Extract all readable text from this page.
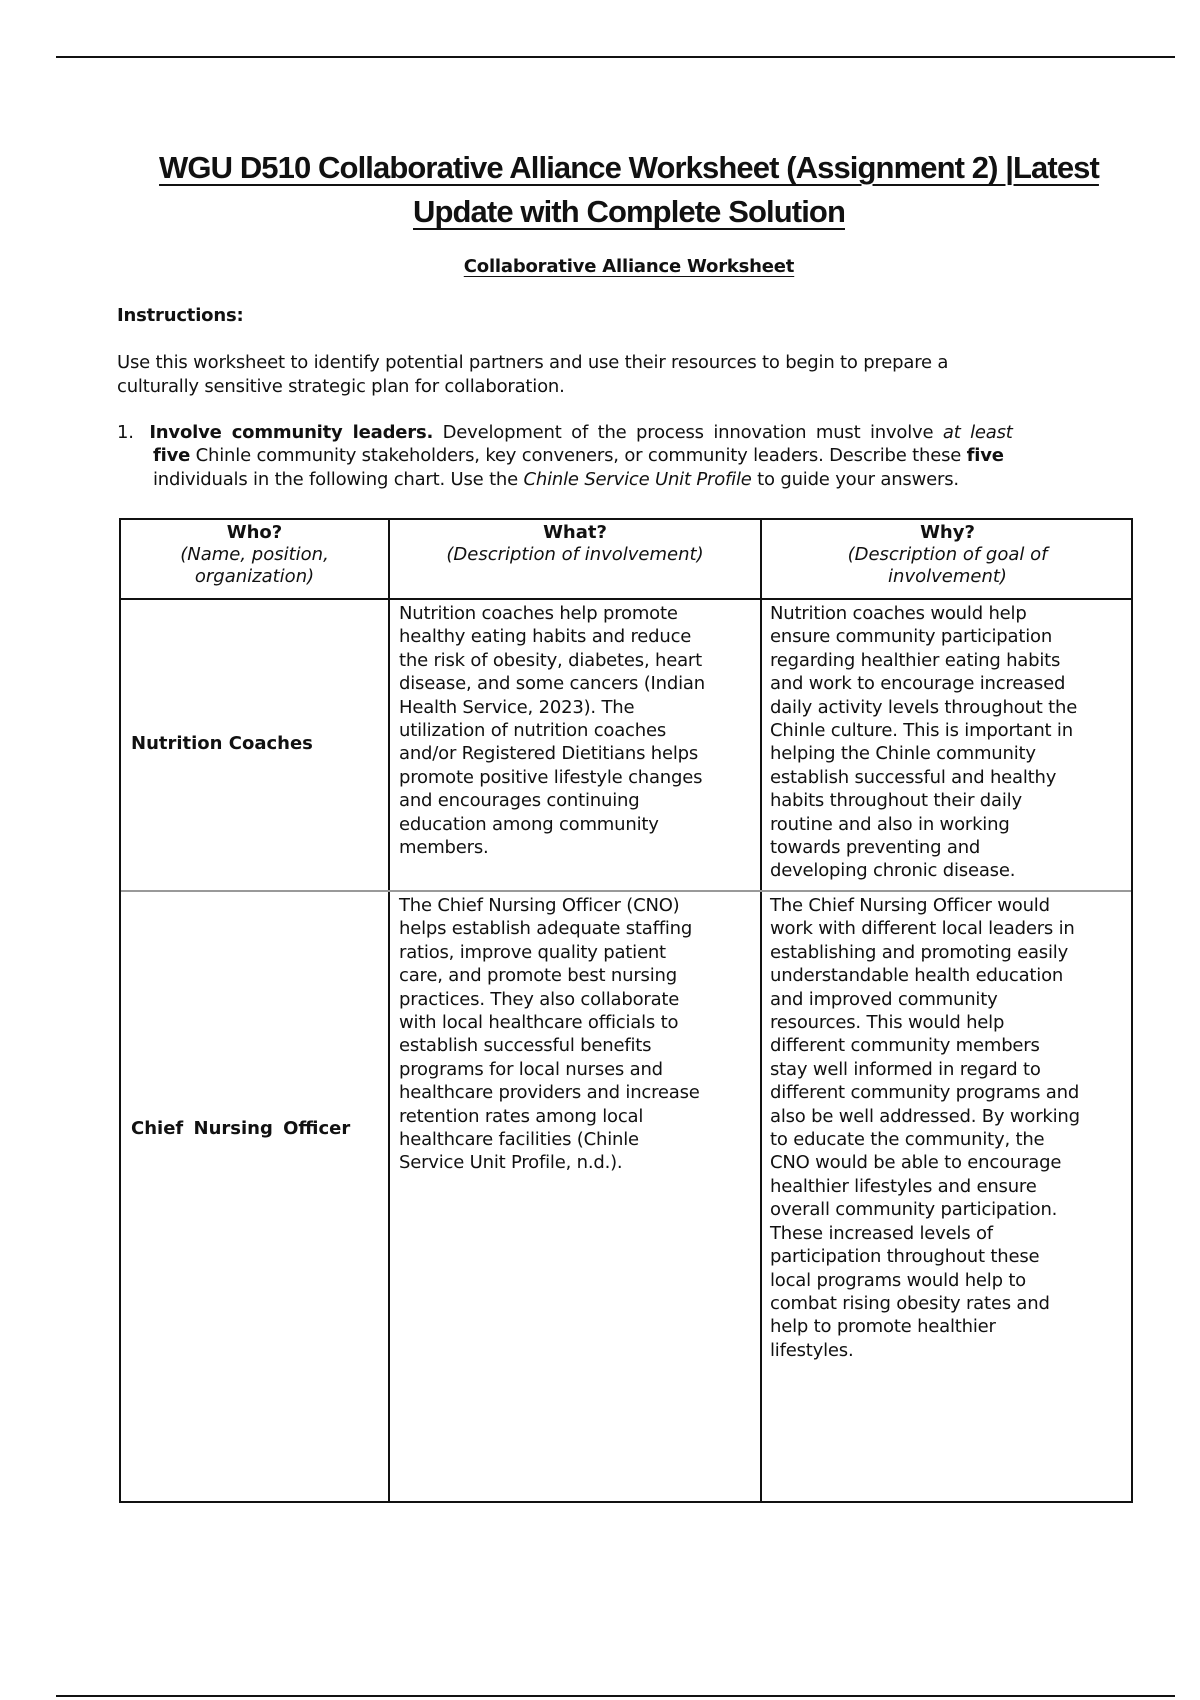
WGU D510 Collaborative Alliance Worksheet (Assignment 2) |Latest
Update with Complete Solution
Collaborative Alliance Worksheet
Instructions:
Use this worksheet to identify potential partners and use their resources to begin to prepare a
culturally sensitive strategic plan for collaboration.
1. Involve community leaders. Development of the process innovation must involve at least
five Chinle community stakeholders, key conveners, or community leaders. Describe these five
individuals in the following chart. Use the Chinle Service Unit Profile to guide your answers.
Who?
(Name, position,
organization)
What?
(Description of involvement)
Why?
(Description of goal of
involvement)
Nutrition Coaches
Nutrition coaches help promote
healthy eating habits and reduce
the risk of obesity, diabetes, heart
disease, and some cancers (Indian
Health Service, 2023). The
utilization of nutrition coaches
and/or Registered Dietitians helps
promote positive lifestyle changes
and encourages continuing
education among community
members.
Nutrition coaches would help
ensure community participation
regarding healthier eating habits
and work to encourage increased
daily activity levels throughout the
Chinle culture. This is important in
helping the Chinle community
establish successful and healthy
habits throughout their daily
routine and also in working
towards preventing and
developing chronic disease.
Chief Nursing Officer
The Chief Nursing Officer (CNO)
helps establish adequate staffing
ratios, improve quality patient
care, and promote best nursing
practices. They also collaborate
with local healthcare officials to
establish successful benefits
programs for local nurses and
healthcare providers and increase
retention rates among local
healthcare facilities (Chinle
Service Unit Profile, n.d.).
The Chief Nursing Officer would
work with different local leaders in
establishing and promoting easily
understandable health education
and improved community
resources. This would help
different community members
stay well informed in regard to
different community programs and
also be well addressed. By working
to educate the community, the
CNO would be able to encourage
healthier lifestyles and ensure
overall community participation.
These increased levels of
participation throughout these
local programs would help to
combat rising obesity rates and
help to promote healthier
lifestyles.
